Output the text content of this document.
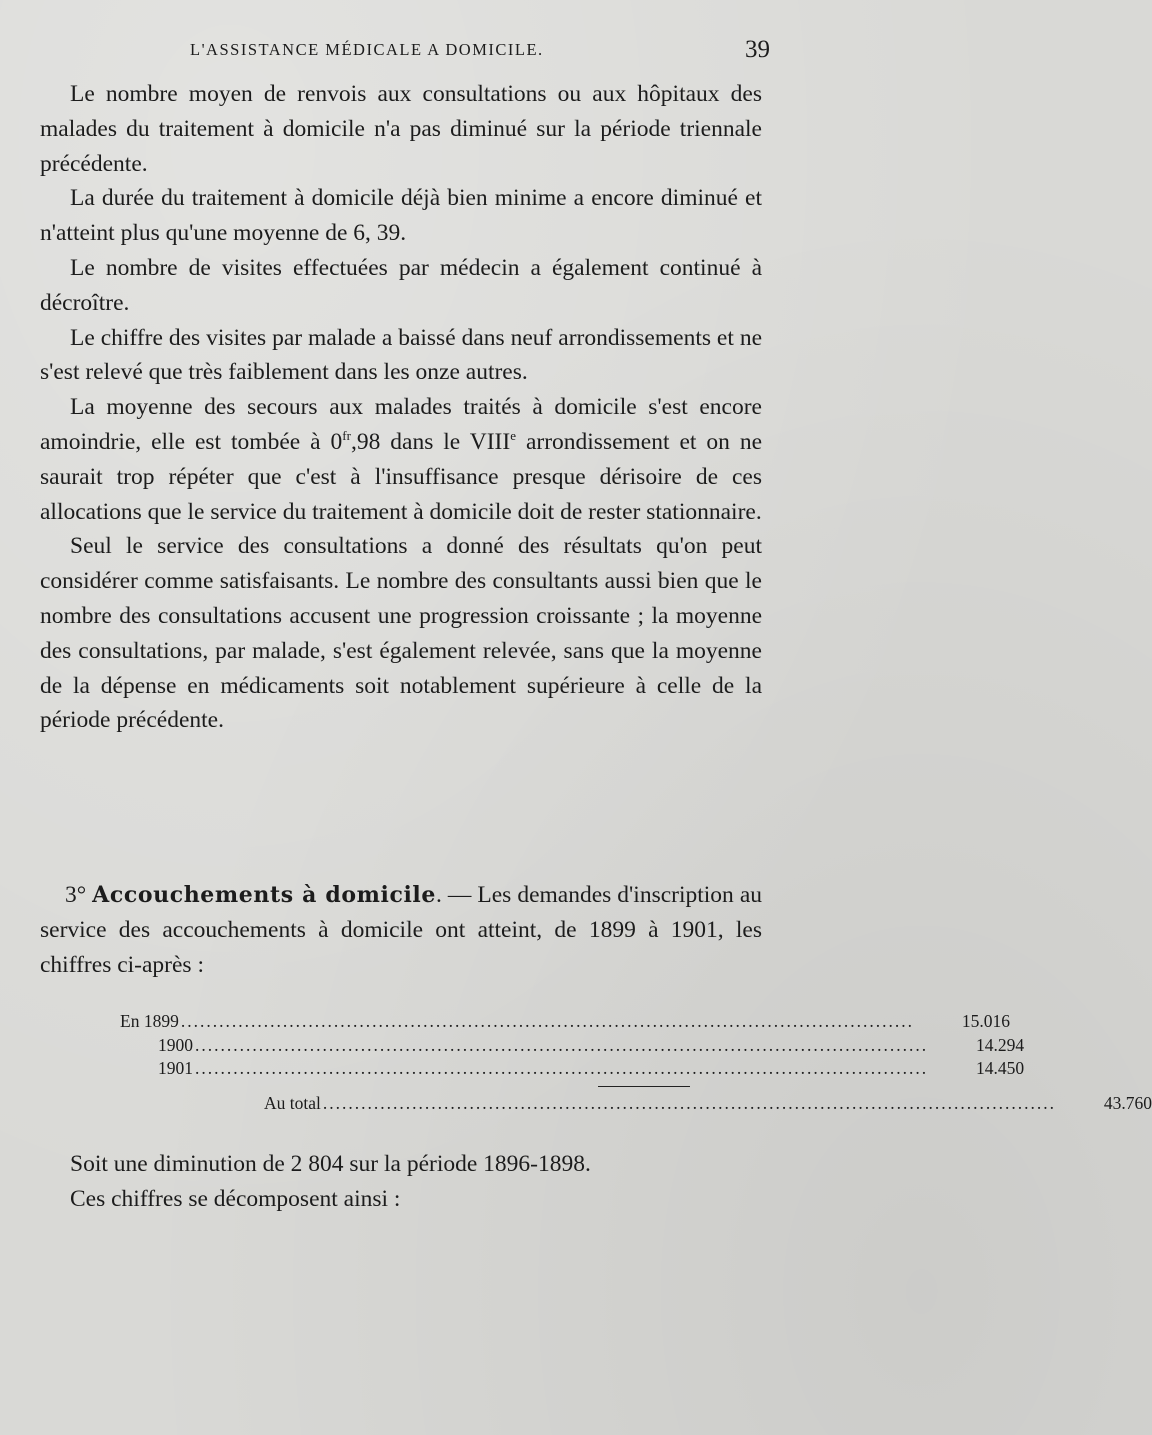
L'ASSISTANCE MÉDICALE A DOMICILE.	39

Le nombre moyen de renvois aux consultations ou aux hôpitaux des malades du traitement à domicile n'a pas diminué sur la période triennale précédente.

La durée du traitement à domicile déjà bien minime a encore diminué et n'atteint plus qu'une moyenne de 6, 39.

Le nombre de visites effectuées par médecin a également continué à décroître.

Le chiffre des visites par malade a baissé dans neuf arrondissements et ne s'est relevé que très faiblement dans les onze autres.

La moyenne des secours aux malades traités à domicile s'est encore amoindrie, elle est tombée à $0^{fr},98$ dans le VIIIe arrondissement et on ne saurait trop répéter que c'est à l'insuffisance presque dérisoire de ces allocations que le service du traitement à domicile doit de rester stationnaire.

Seul le service des consultations a donné des résultats qu'on peut considérer comme satisfaisants. Le nombre des consultants aussi bien que le nombre des consultations accusent une progression croissante ; la moyenne des consultations, par malade, s'est également relevée, sans que la moyenne de la dépense en médicaments soit notablement supérieure à celle de la période précédente.

3° Accouchements à domicile. — Les demandes d'inscription au service des accouchements à domicile ont atteint, de 1899 à 1901, les chiffres ci-après :

En 1899 ...................................................................................................................	15.016
1900 ...................................................................................................................	14.294
1901 ...................................................................................................................	14.450
Au total ...................................................................................................................	43.760

Soit une diminution de 2 804 sur la période 1896-1898.

Ces chiffres se décomposent ainsi :
